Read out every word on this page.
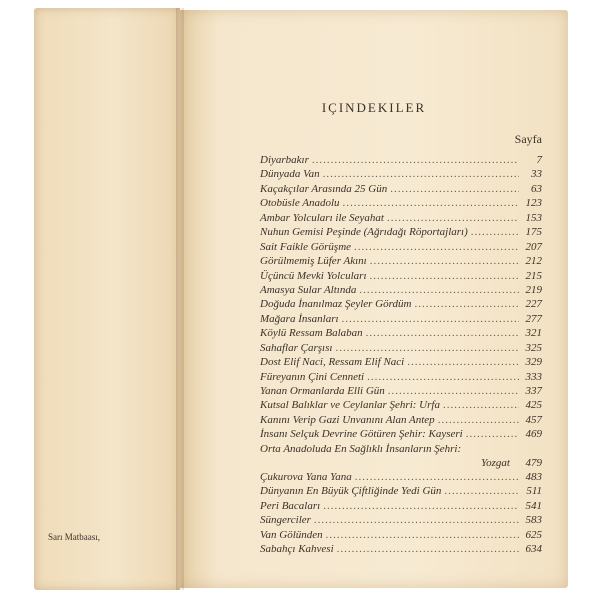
Sarı Matbaası,
IÇINDEKILER
Sayfa
Diyarbakır .....	7
Dünyada Van .....	33
Kaçakçılar Arasında 25 Gün .....	63
Otobüsle Anadolu .....	123
Ambar Yolcuları ile Seyahat .....	153
Nuhun Gemisi Peşinde (Ağrıdağı Röportajları) .....	175
Sait Faikle Görüşme .....	207
Görülmemiş Lüfer Akını .....	212
Üçüncü Mevki Yolcuları .....	215
Amasya Sular Altında .....	219
Doğuda İnanılmaz Şeyler Gördüm .....	227
Mağara İnsanları .....	277
Köylü Ressam Balaban .....	321
Sahaflar Çarşısı .....	325
Dost Elif Naci, Ressam Elif Naci .....	329
Füreyanın Çini Cenneti .....	333
Yanan Ormanlarda Elli Gün .....	337
Kutsal Balıklar ve Ceylanlar Şehri: Urfa .....	425
Kanını Verip Gazi Unvanını Alan Antep .....	457
İnsanı Selçuk Devrine Götüren Şehir: Kayseri .....	469
Orta Anadoluda En Sağlıklı İnsanların Şehri:
Yozgat	479
Çukurova Yana Yana .....	483
Dünyanın En Büyük Çiftliğinde Yedi Gün .....	511
Peri Bacaları .....	541
Süngerciler .....	583
Van Gölünden .....	625
Sabahçı Kahvesi .....	634
